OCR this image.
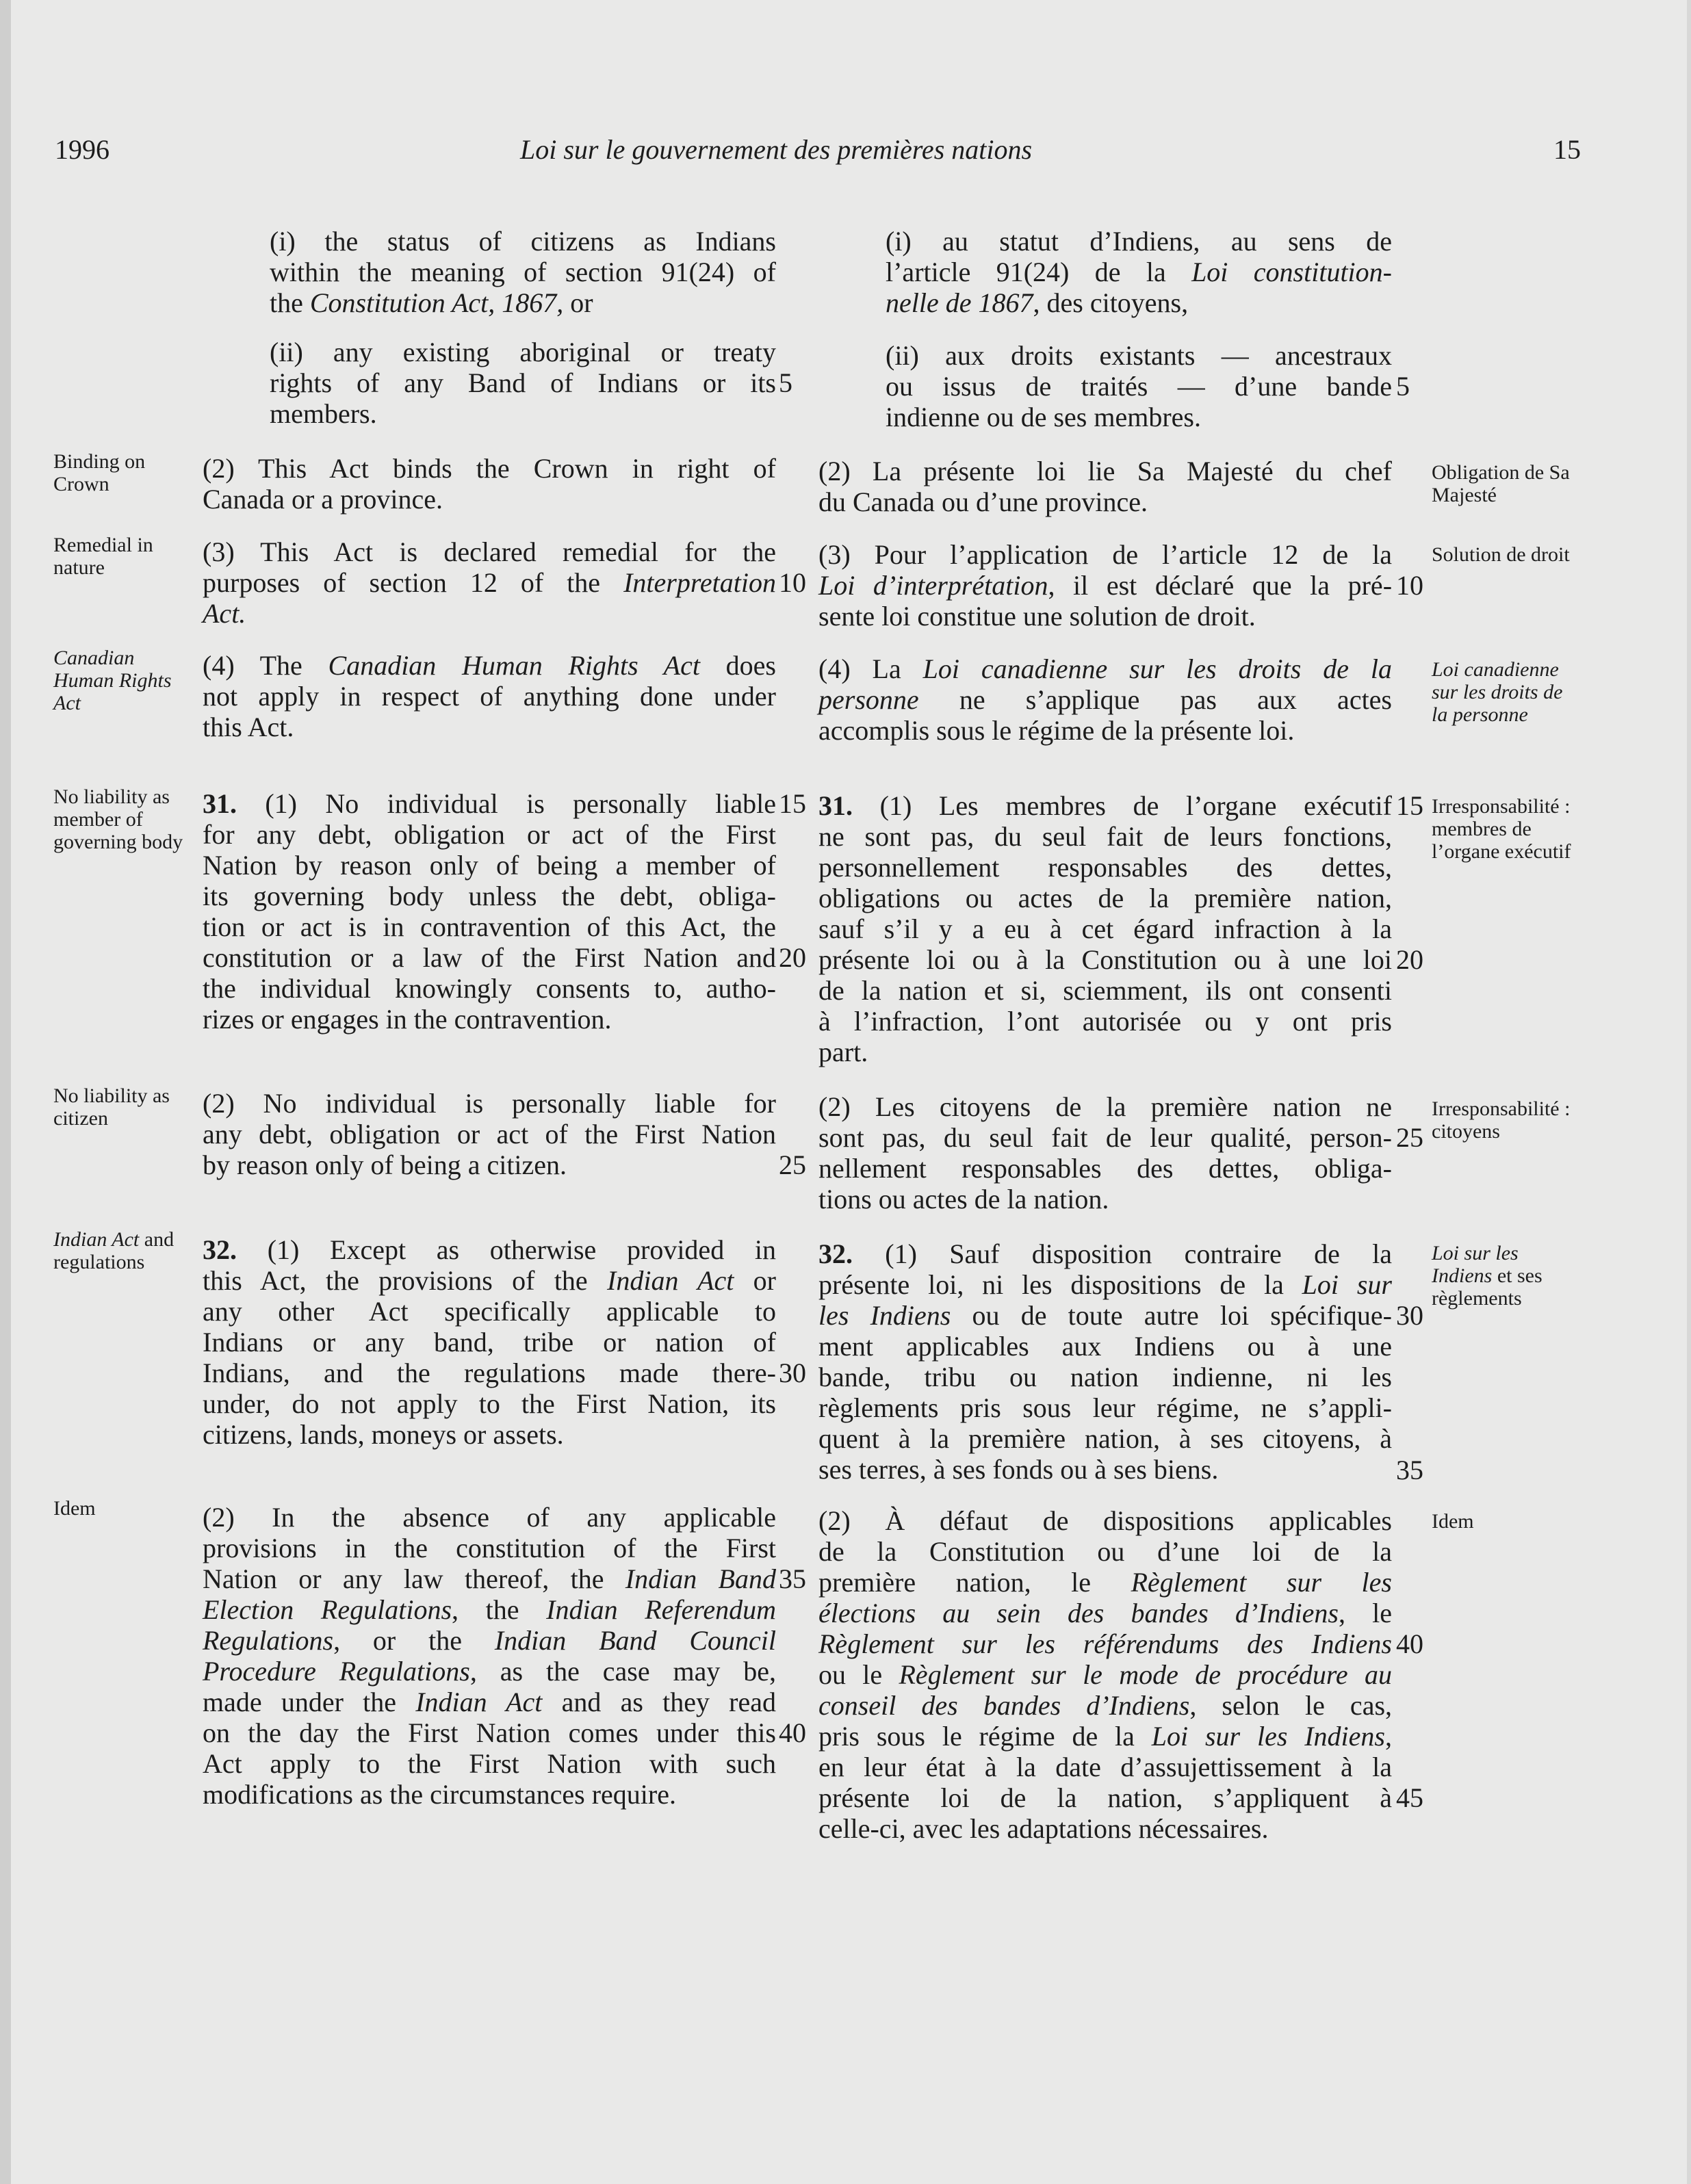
1996	Loi sur le gouvernement des premières nations	15
Binding on Crown
Remedial in nature
Canadian Human Rights Act
No liability as member of governing body
No liability as citizen
Indian Act and regulations
Idem
Obligation de Sa Majesté
Solution de droit
Loi canadienne sur les droits de la personne
Irresponsabilité : membres de l’organe exécutif
Irresponsabilité : citoyens
Loi sur les Indiens et ses règlements
Idem
(i) the status of citizens as Indians
within the meaning of section 91(24) of
the Constitution Act, 1867, or
(ii) any existing aboriginal or treaty
rights of any Band of Indians or its
members.
(2) This Act binds the Crown in right of
Canada or a province.
(3) This Act is declared remedial for the
purposes of section 12 of the Interpretation
Act.
(4) The Canadian Human Rights Act does
not apply in respect of anything done under
this Act.
31. (1) No individual is personally liable
for any debt, obligation or act of the First
Nation by reason only of being a member of
its governing body unless the debt, obliga-
tion or act is in contravention of this Act, the
constitution or a law of the First Nation and
the individual knowingly consents to, autho-
rizes or engages in the contravention.
(2) No individual is personally liable for
any debt, obligation or act of the First Nation
by reason only of being a citizen.
32. (1) Except as otherwise provided in
this Act, the provisions of the Indian Act or
any other Act specifically applicable to
Indians or any band, tribe or nation of
Indians, and the regulations made there-
under, do not apply to the First Nation, its
citizens, lands, moneys or assets.
(2) In the absence of any applicable
provisions in the constitution of the First
Nation or any law thereof, the Indian Band
Election Regulations, the Indian Referendum
Regulations, or the Indian Band Council
Procedure Regulations, as the case may be,
made under the Indian Act and as they read
on the day the First Nation comes under this
Act apply to the First Nation with such
modifications as the circumstances require.
5
10
15
20
25
30
35
40
(i) au statut d’Indiens, au sens de
l’article 91(24) de la Loi constitution-
nelle de 1867, des citoyens,
(ii) aux droits existants — ancestraux
ou issus de traités — d’une bande
indienne ou de ses membres.
(2) La présente loi lie Sa Majesté du chef
du Canada ou d’une province.
(3) Pour l’application de l’article 12 de la
Loi d’interprétation, il est déclaré que la pré-
sente loi constitue une solution de droit.
(4) La Loi canadienne sur les droits de la
personne ne s’applique pas aux actes
accomplis sous le régime de la présente loi.
31. (1) Les membres de l’organe exécutif
ne sont pas, du seul fait de leurs fonctions,
personnellement responsables des dettes,
obligations ou actes de la première nation,
sauf s’il y a eu à cet égard infraction à la
présente loi ou à la Constitution ou à une loi
de la nation et si, sciemment, ils ont consenti
à l’infraction, l’ont autorisée ou y ont pris
part.
(2) Les citoyens de la première nation ne
sont pas, du seul fait de leur qualité, person-
nellement responsables des dettes, obliga-
tions ou actes de la nation.
32. (1) Sauf disposition contraire de la
présente loi, ni les dispositions de la Loi sur
les Indiens ou de toute autre loi spécifique-
ment applicables aux Indiens ou à une
bande, tribu ou nation indienne, ni les
règlements pris sous leur régime, ne s’appli-
quent à la première nation, à ses citoyens, à
ses terres, à ses fonds ou à ses biens.
(2) À défaut de dispositions applicables
de la Constitution ou d’une loi de la
première nation, le Règlement sur les
élections au sein des bandes d’Indiens, le
Règlement sur les référendums des Indiens
ou le Règlement sur le mode de procédure au
conseil des bandes d’Indiens, selon le cas,
pris sous le régime de la Loi sur les Indiens,
en leur état à la date d’assujettissement à la
présente loi de la nation, s’appliquent à
celle-ci, avec les adaptations nécessaires.
5
10
15
20
25
30
35
40
45
